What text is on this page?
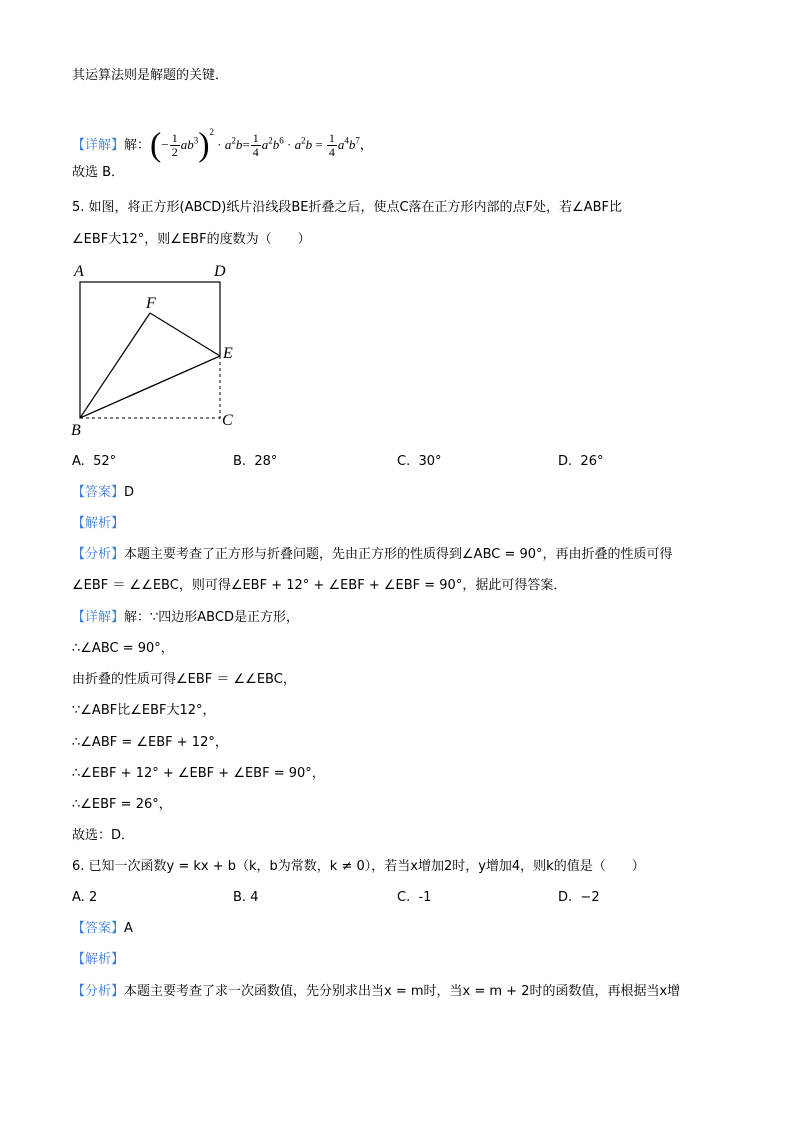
其运算法则是解题的关键．
【详解】解：(− $\frac{1}{2} ab^3)^2 \cdot a^2b= \frac{1}{4} a^2b^6 \cdot a^2b = \frac{1}{4} a^4b^7$，
故选 B．
5. 如图，将正方形(ABCD)纸片沿线段BE折叠之后，使点C落在正方形内部的点F处，若∠ABF比
∠EBF大12°，则∠EBF的度数为（　　）
A	D
F
E
B
C
A. 52°	B. 28°	C. 30°	D. 26°
【答案】D
【解析】
【分析】本题主要考查了正方形与折叠问题，先由正方形的性质得到∠ABC = 90°，再由折叠的性质可得
∠EBF ＝ ∠∠EBC，则可得∠EBF + 12° + ∠EBF + ∠EBF = 90°，据此可得答案．
【详解】解：∵四边形ABCD是正方形，
∴∠ABC = 90°，
由折叠的性质可得∠EBF ＝ ∠∠EBC，
∵∠ABF比∠EBF大12°，
∴∠ABF = ∠EBF + 12°，
∴∠EBF + 12° + ∠EBF + ∠EBF = 90°，
∴∠EBF = 26°，
故选：D．
6. 已知一次函数y = kx + b（k，b为常数，k ≠ 0），若当x增加2时，y增加4，则k的值是（　　）
A. 2	B. 4	C. -1	D. −2
【答案】A
【解析】
【分析】本题主要考查了求一次函数值，先分别求出当x = m时，当x = m + 2时的函数值，再根据当x增
